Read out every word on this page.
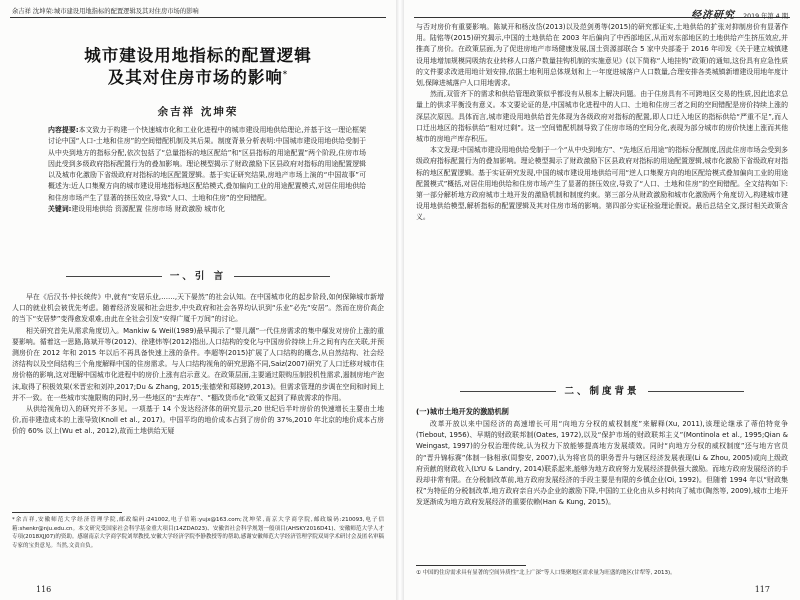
余吉祥 沈坤荣:城市建设用地指标的配置逻辑及其对住房市场的影响
城市建设用地指标的配置逻辑
及其对住房市场的影响*
余吉祥 沈坤荣

内容提要:本文致力于构建一个快速城市化和工业化进程中的城市建设用地供给理论,并基于这一理论框架讨论中国“人口-土地和住房”的空间错配机制及其后果。制度背景分析表明:中国城市建设用地供给受制于从中央到地方的指标分配,依次包括了“总量指标的地区配给”和“区县指标的用途配置”两个阶段,住房市场因此受到多级政府指标配置行为的叠加影响。理论模型揭示了财政激励下区县政府对指标的用途配置逻辑以及城市化激励下省级政府对指标的地区配置逻辑。基于实证研究结果,房地产市场上演的“中国故事”可概述为:近人口集聚方向的城市建设用地指标地区配给模式,叠加偏向工业的用途配置模式,对居住用地供给和住房市场产生了显著的挤压效应,导致“人口、土地和住房”的空间错配。

关键词:建设用地供给 资源配置 住房市场 财政激励 城市化

一、引 言

早在《后汉书·仲长统传》中,就有“安居乐业,……,天下晏然”的社会认知。在中国城市化的起步阶段,如何保障城市新增人口的就业机会被优先考虑。随着经济发展和社会进步,中央政府和社会各界均认识到“乐业”必先“安居”。然而在房价高企的当下“安居梦”变得愈发艰难,由此在全社会引发“安得广厦千万间”的讨论。

相关研究首先从需求角度切入。Mankiw & Weil(1989)最早揭示了“婴儿潮”一代住房需求的集中爆发对房价上涨的重要影响。循着这一思路,陈斌开等(2012)、徐建炜等(2012)指出,人口结构的变化与中国房价持续上升之间有内在关联,并预测房价在 2012 年和 2015 年以后不再具备快速上涨的条件。李超等(2015)扩展了人口结构的概念,从自然结构、社会经济结构以及空间结构三个角度解释中国的住房需求。与人口结构视角的研究思路不同,Saiz(2007)研究了人口迁移对城市住房价格的影响,这对理解中国城市化进程中的房价上涨有启示意义。在政策层面,主要通过限购压制投机性需求,遏制房地产泡沫,取得了积极效果(米晋宏和刘冲,2017;Du & Zhang, 2015;张德荣和郑晓婷,2013)。但需求管理的步调在空间和时间上并不一致。在一些城市实施限购的同时,另一些地区的“去库存”、“棚改货币化”政策又起到了释放需求的作用。

从供给视角切入的研究并不多见。一项基于 14 个发达经济体的研究显示,20 世纪后半叶房价的快速增长主要由土地价,而非建造成本的上涨导致(Knoll et al., 2017)。中国平均的地价成本占到了房价的 37%,2010 年北京的地价成本占房价的 60% 以上(Wu et al., 2012),故而土地供给无疑

*余吉祥,安徽师范大学经济管理学院,邮政编码:241002,电子信箱:yujx@163.com;沈坤荣,南京大学商学院,邮政编码:210093,电子信箱:shenkr@nju.edu.cn。本文研究受国家社会科学基金重大项目(14ZDA023)、安徽省社会科学规划一般项目(AHSKY2016D41)、安徽师范大学人才专项(2018XJJ07)的资助。感谢南京大学商学院刘翠教授,安徽大学经济学院李静教授等的帮助,感谢安徽师范大学经济管理学院双周学术研讨会及匿名审稿专家的宝贵意见。当然,文责自负。
116
经济研究 2019 年第 4 期

与否对房价有重要影响。陈斌开和杨汝岱(2013)以及范剑勇等(2015)的研究都证实,土地供给的扩张对抑制房价有显著作用。陆铭等(2015)研究揭示,中国的土地供给在 2003 年后偏向了中西部地区,从而对东部地区的土地供给产生挤压效应,并推高了房价。在政策层面,为了促进房地产市场健康发展,国土资源部联合 5 家中央部委于 2016 年印发《关于建立城镇建设用地增加规模同吸纳农业转移人口落户数量挂钩机制的实施意见》(以下简称“人地挂钩”政策)的通知,这份具有应急性质的文件要求改进用地计划安排,依据土地利用总体规划和上一年度进城落户人口数量,合理安排各类城镇新增建设用地年度计划,保障进城落户人口用地需求。

然而,双管齐下的需求和供给管理政策似乎都没有从根本上解决问题。由于住房具有不可跨地区交易的性质,因此追求总量上的供求平衡没有意义。本文要论证的是,中国城市化进程中的人口、土地和住房三者之间的空间错配是房价持续上涨的深层次原因。具体而言,城市建设用地供给首先体现为各级政府对指标的配置,即人口迁入地区的指标供给“严重不足”,而人口迁出地区的指标供给“相对过剩”。这一空间错配机制导致了住房市场的空间分化,表现为部分城市的房价快速上涨而其他城市的房地产库存积压。

本文发现:中国城市建设用地供给受制于一个“从中央到地方”、“先地区后用途”的指标分配制度,因此住房市场会受到多级政府指标配置行为的叠加影响。理论模型揭示了财政激励下区县政府对指标的用途配置逻辑,城市化激励下省级政府对指标的地区配置逻辑。基于实证研究发现,中国的城市建设用地供给可用“逆人口集聚方向的地区配给模式叠加偏向工业的用途配置模式”概括,对居住用地供给和住房市场产生了显著的挤压效应,导致了“人口、土地和住房”的空间错配。全文结构如下:第一部分解析地方政府城市土地开发的激励机制和制度约束。第三部分从财政激励和城市化激励两个角度切入,构建城市建设用地供给模型,解析指标的配置逻辑及其对住房市场的影响。第四部分实证检验理论假说。最后总结全文,探讨相关政策含义。

二、制度背景
(一)城市土地开发的激励机制

改革开放以来中国经济的高速增长可用“向地方分权的威权制度”来解释(Xu, 2011),该理论继承了蒂伯特竞争(Tiebout, 1956)、早期的财政联邦制(Oates, 1972),以及“保护市场的财政联邦主义”(Montinola et al., 1995;Qian & Weingast, 1997)的分权治理传统,认为权力下放能够提高地方发展绩效。同时“向地方分权的威权制度”还与地方官员的“晋升锦标赛”体制一脉相承(周黎安, 2007),认为将官员的职务晋升与辖区经济发展表现(Li & Zhou, 2005)或向上级政府贡献的财政收入(LYU & Landry, 2014)联系起来,能够为地方政府努力发展经济提供强大激励。而地方政府发展经济的手段却非常有限。在分税制改革前,地方政府发展经济的手段主要是有限的乡镇企业(Oi, 1992)。但随着 1994 年以“财政集权”为特征的分税制改革,地方政府亲自兴办企业的激励下降,中国的工业化由从乡村转向了城市(陶然等, 2009),城市土地开发逐渐成为地方政府发展经济的重要依赖(Han & Kung, 2015)。

① 中国的住房需求具有显著的空间异质性“北上广深”等人口集聚地区需求量为旺盛的地区(甘犁等, 2013)。
117
